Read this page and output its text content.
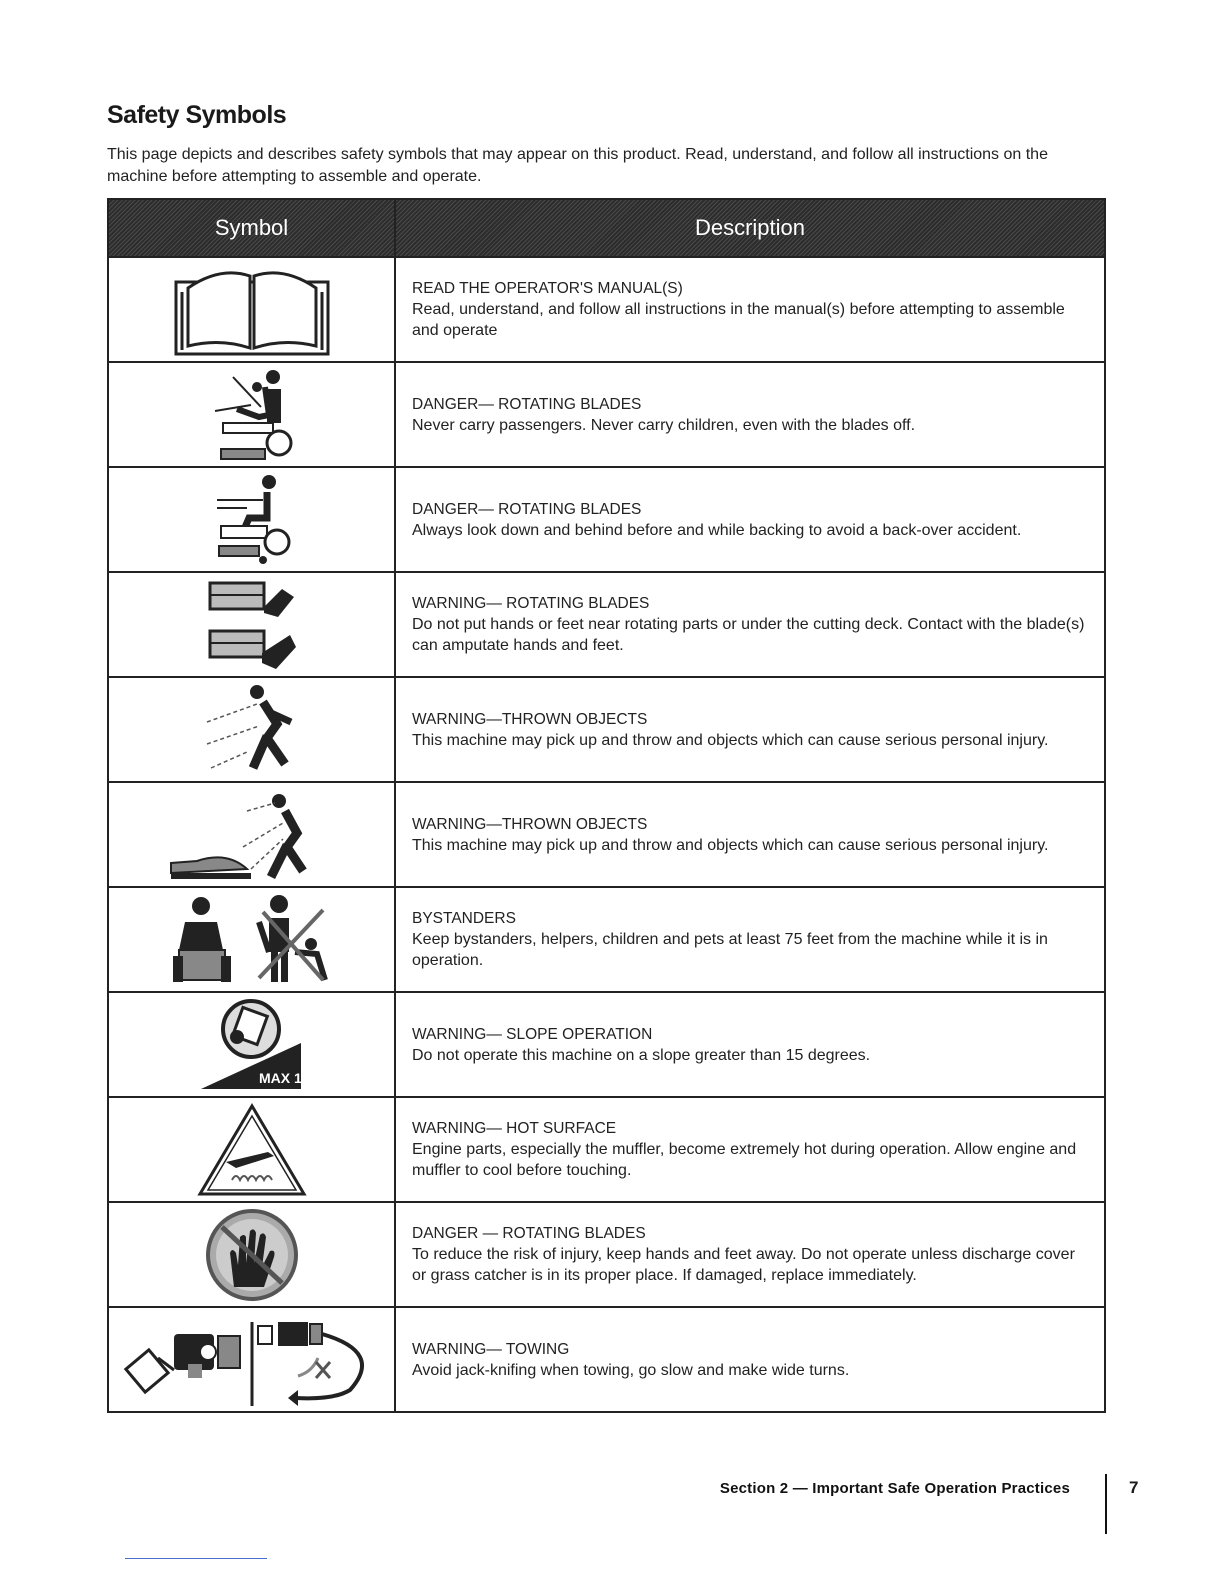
Safety Symbols

This page depicts and describes safety symbols that may appear on this product. Read, understand, and follow all instructions on the machine before attempting to assemble and operate.

Symbol	Description

READ THE OPERATOR'S MANUAL(S)
Read, understand, and follow all instructions in the manual(s) before attempting to assemble and operate

DANGER— ROTATING BLADES
Never carry passengers. Never carry children, even with the blades off.

DANGER— ROTATING BLADES
Always look down and behind before and while backing to avoid a back-over accident.

WARNING— ROTATING BLADES
Do not put hands or feet near rotating parts or under the cutting deck. Contact with the blade(s) can amputate hands and feet.

WARNING—THROWN OBJECTS
This machine may pick up and throw and objects which can cause serious personal injury.

WARNING—THROWN OBJECTS
This machine may pick up and throw and objects which can cause serious personal injury.

BYSTANDERS
Keep bystanders, helpers, children and pets at least 75 feet from the machine while it is in operation.

MAX 15°	WARNING— SLOPE OPERATION
Do not operate this machine on a slope greater than 15 degrees.

WARNING— HOT SURFACE
Engine parts, especially the muffler, become extremely hot during operation. Allow engine and muffler to cool before touching.

DANGER — ROTATING BLADES
To reduce the risk of injury, keep hands and feet away. Do not operate unless discharge cover or grass catcher is in its proper place. If damaged, replace immediately.

WARNING— TOWING
Avoid jack-knifing when towing, go slow and make wide turns.
Section 2 — Important Safe Operation Practices	7
